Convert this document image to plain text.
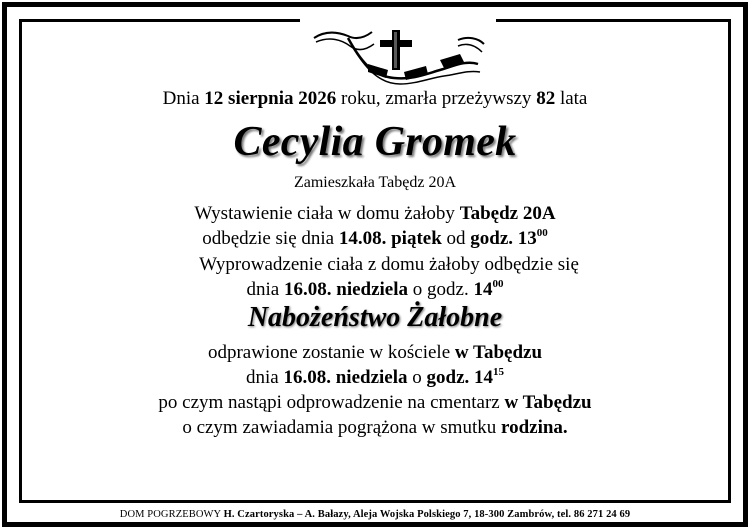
Dnia 12 sierpnia 2026 roku, zmarła przeżywszy 82 lata
Cecylia Gromek
Zamieszkała Tabędz 20A
Wystawienie ciała w domu żałoby Tabędz 20A
odbędzie się dnia 14.08. piątek od godz. $13^{00}$
Wyprowadzenie ciała z domu żałoby odbędzie się
dnia 16.08. niedziela o godz. $14^{00}$
Nabożeństwo Żałobne
odprawione zostanie w kościele w Tabędzu
dnia 16.08. niedziela o godz. $14^{15}$
po czym nastąpi odprowadzenie na cmentarz w Tabędzu
o czym zawiadamia pogrążona w smutku rodzina.
DOM POGRZEBOWY H. Czartoryska – A. Bałazy, Aleja Wojska Polskiego 7, 18-300 Zambrów, tel. 86 271 24 69
